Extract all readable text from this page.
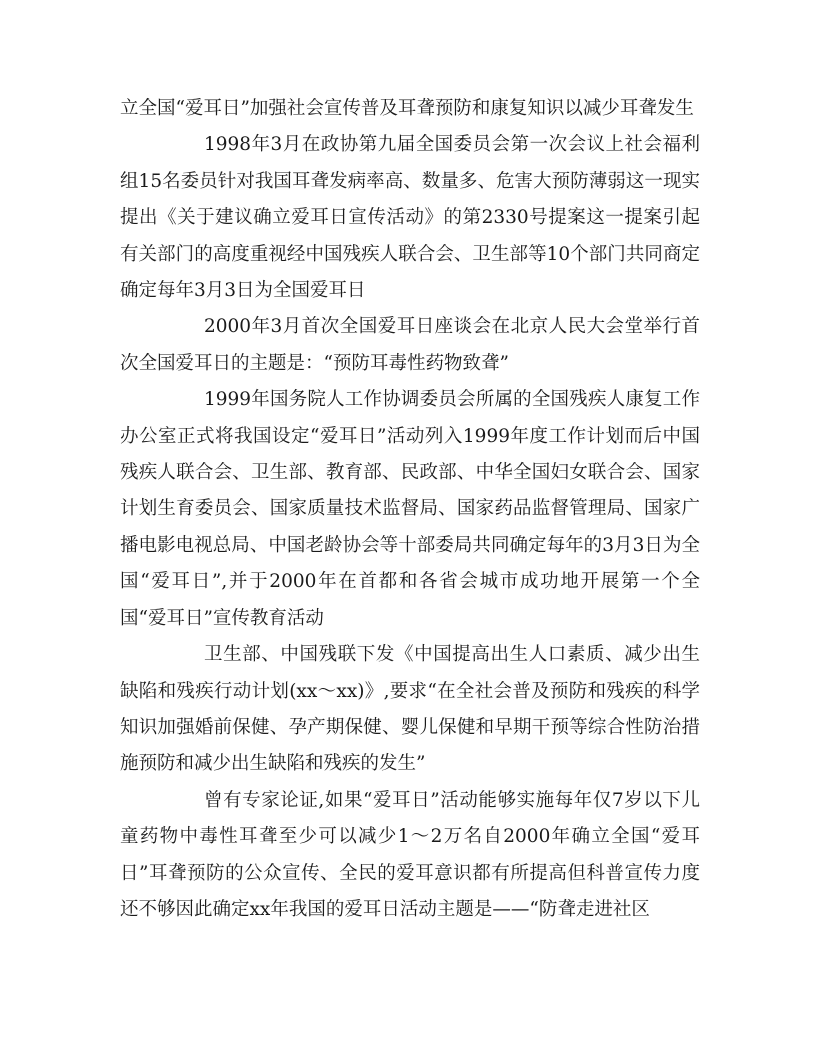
立全国“爱耳日”加强社会宣传普及耳聋预防和康复知识以减少耳聋发生

1998年3月在政协第九届全国委员会第一次会议上社会福利组15名委员针对我国耳聋发病率高、数量多、危害大预防薄弱这一现实提出《关于建议确立爱耳日宣传活动》的第2330号提案这一提案引起有关部门的高度重视经中国残疾人联合会、卫生部等10个部门共同商定确定每年3月3日为全国爱耳日

2000年3月首次全国爱耳日座谈会在北京人民大会堂举行首次全国爱耳日的主题是：“预防耳毒性药物致聋”

1999年国务院人工作协调委员会所属的全国残疾人康复工作办公室正式将我国设定“爱耳日”活动列入1999年度工作计划而后中国残疾人联合会、卫生部、教育部、民政部、中华全国妇女联合会、国家计划生育委员会、国家质量技术监督局、国家药品监督管理局、国家广播电影电视总局、中国老龄协会等十部委局共同确定每年的3月3日为全国“爱耳日”,并于2000年在首都和各省会城市成功地开展第一个全国“爱耳日”宣传教育活动

卫生部、中国残联下发《中国提高出生人口素质、减少出生缺陷和残疾行动计划(xx～xx)》,要求“在全社会普及预防和残疾的科学知识加强婚前保健、孕产期保健、婴儿保健和早期干预等综合性防治措施预防和减少出生缺陷和残疾的发生”

曾有专家论证,如果“爱耳日”活动能够实施每年仅7岁以下儿童药物中毒性耳聋至少可以减少1～2万名自2000年确立全国“爱耳日”耳聋预防的公众宣传、全民的爱耳意识都有所提高但科普宣传力度还不够因此确定xx年我国的爱耳日活动主题是——“防聋走进社区
